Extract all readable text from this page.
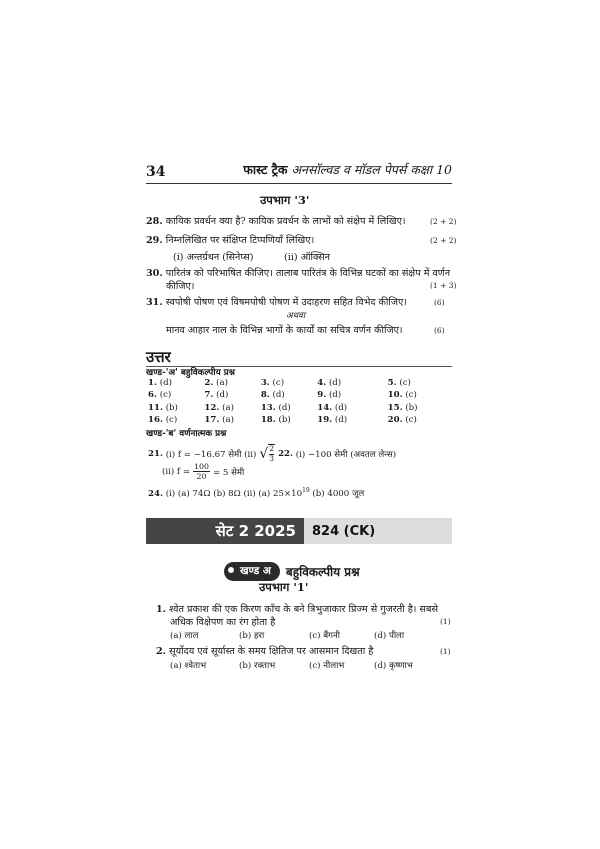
34	फास्ट ट्रैक अनसॉल्वड व मॉडल पेपर्स कक्षा 10
उपभाग '3'
28. कायिक प्रवर्धन क्या है? कायिक प्रवर्धन के लाभों को संक्षेप में लिखिए।	(2 + 2)
29. निम्नलिखित पर संक्षिप्त टिप्पणियाँ लिखिए।	(2 + 2)
(i) अन्तर्ग्रथन (सिनेप्स)          (ii) ऑक्सिन
30. पारितंत्र को परिभाषित कीजिए। तालाब पारितंत्र के विभिन्न घटकों का संक्षेप में वर्णन
कीजिए।	(1 + 3)
31. स्वपोषी पोषण एवं विषमपोषी पोषण में उदाहरण सहित विभेद कीजिए।	(6)
अथवा
मानव आहार नाल के विभिन्न भागों के कार्यों का सचित्र वर्णन कीजिए।	(6)
उत्तर
खण्ड-'अ' बहुविकल्पीय प्रश्न
1. (d)	2. (a)	3. (c)	4. (d)	5. (c)
6. (c)	7. (d)	8. (d)	9. (d)	10. (c)
11. (b)	12. (a)	13. (d)	14. (d)	15. (b)
16. (c)	17. (a)	18. (b)	19. (d)	20. (c)
खण्ड-'ब' वर्णनात्मक प्रश्न
21.
(i) f = −16.67 सेमी (ii) √ 2
3 22.
(i) −100 सेमी (अवतल लेन्स)
(ii) $f = \frac{100}{20} = 5$ सेमी
24. (i) (a) 74Ω (b) 8Ω (ii) (a) $25\times 10^{19}$ (b) 4000 जूल
सेट 2 2025	824 (CK)
खण्ड अ	बहुविकल्पीय प्रश्न
उपभाग '1'
1. श्वेत प्रकाश की एक किरण काँच के बने त्रिभुजाकार प्रिज्म से गुजरती है। सबसे
अधिक विक्षेपण का रंग होता है	(1)
(a) लाल	(b) हरा	(c) बैंगनी	(d) पीला
2. सूर्योदय एवं सूर्यास्त के समय क्षितिज पर आसमान दिखता है	(1)
(a) श्वेताभ	(b) रक्ताभ	(c) नीलाभ	(d) कृष्णाभ
